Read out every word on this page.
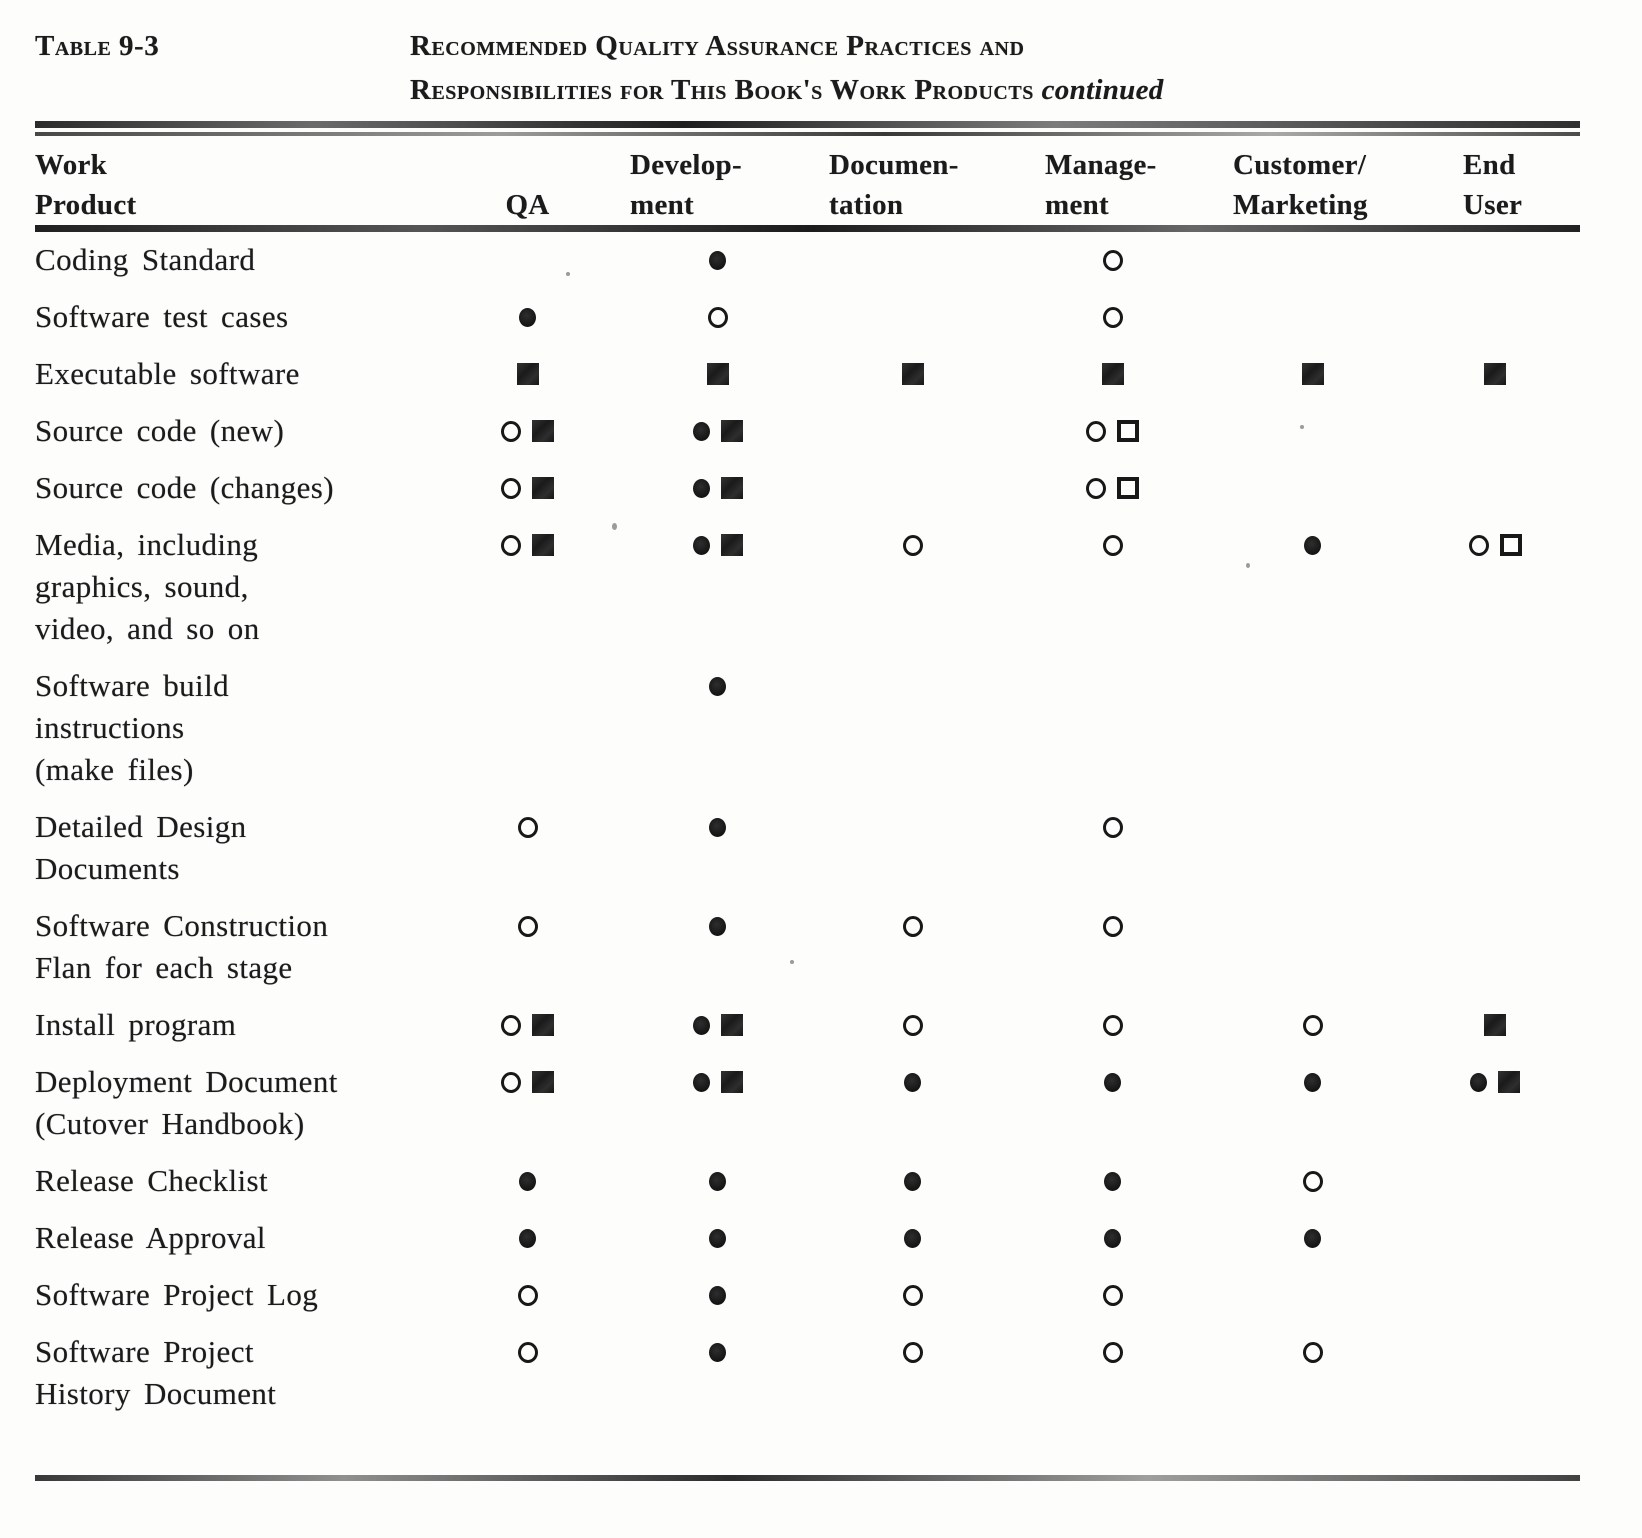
Table 9-3	Recommended Quality Assurance Practices and
Responsibilities for This Book's Work Products continued
Work
Product	QA
Develop-
ment
Documen-
tation
Manage-
ment
Customer/
Marketing
End
User
Coding Standard
Software test cases
Executable software
Source code (new)
Source code (changes)
Media, including
graphics, sound,
video, and so on
Software build
instructions
(make files)
Detailed Design
Documents
Software Construction
Flan for each stage
Install program
Deployment Document
(Cutover Handbook)
Release Checklist
Release Approval
Software Project Log
Software Project
History Document
